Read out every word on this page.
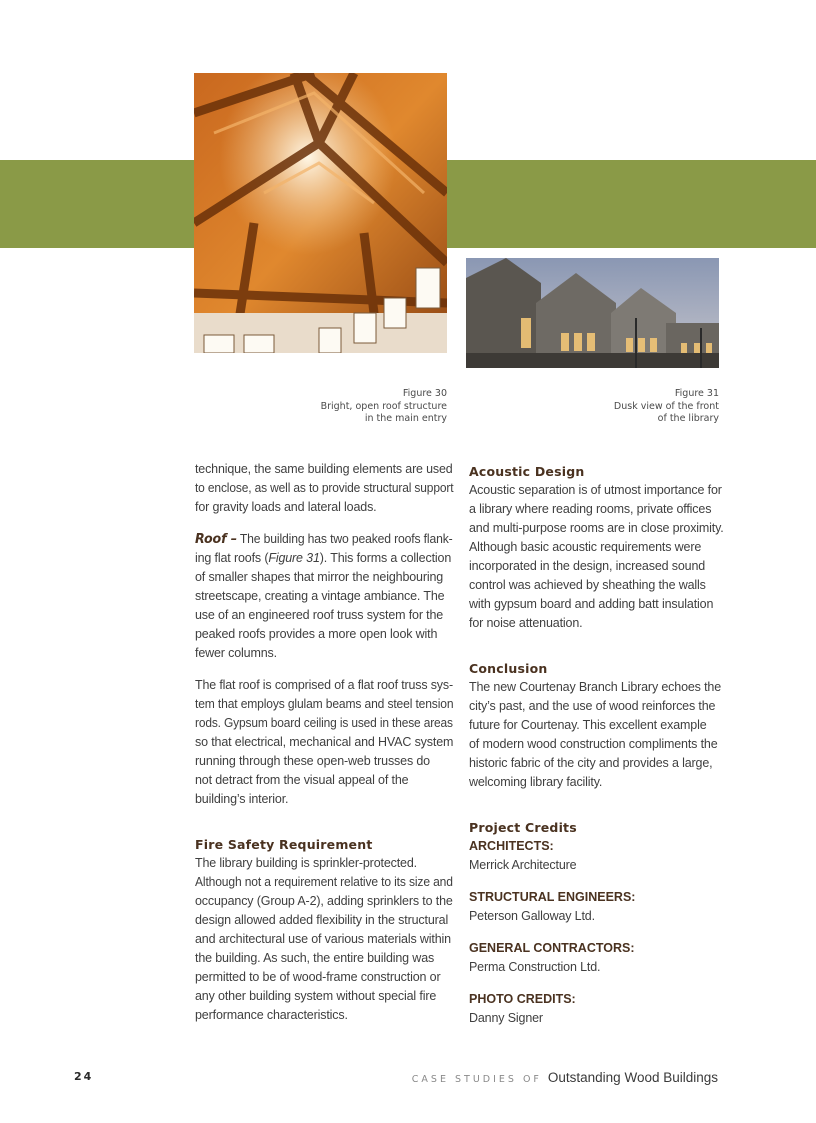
Figure 30
Bright, open roof structure
in the main entry
Figure 31
Dusk view of the front
of the library

technique, the same building elements are used
to enclose, as well as to provide structural support
for gravity loads and lateral loads.

Roof – The building has two peaked roofs flank-
ing flat roofs (Figure 31). This forms a collection
of smaller shapes that mirror the neighbouring
streetscape, creating a vintage ambiance. The
use of an engineered roof truss system for the
peaked roofs provides a more open look with
fewer columns.

The flat roof is comprised of a flat roof truss sys-
tem that employs glulam beams and steel tension
rods. Gypsum board ceiling is used in these areas
so that electrical, mechanical and HVAC system
running through these open-web trusses do
not detract from the visual appeal of the
building’s interior.

Fire Safety Requirement

The library building is sprinkler-protected.
Although not a requirement relative to its size and
occupancy (Group A-2), adding sprinklers to the
design allowed added flexibility in the structural
and architectural use of various materials within
the building. As such, the entire building was
permitted to be of wood-frame construction or
any other building system without special fire
performance characteristics.

Acoustic Design

Acoustic separation is of utmost importance for
a library where reading rooms, private offices
and multi-purpose rooms are in close proximity.
Although basic acoustic requirements were
incorporated in the design, increased sound
control was achieved by sheathing the walls
with gypsum board and adding batt insulation
for noise attenuation.

Conclusion

The new Courtenay Branch Library echoes the
city’s past, and the use of wood reinforces the
future for Courtenay. This excellent example
of modern wood construction compliments the
historic fabric of the city and provides a large,
welcoming library facility.

Project Credits
ARCHITECTS:

Merrick Architecture

STRUCTURAL ENGINEERS:

Peterson Galloway Ltd.

GENERAL CONTRACTORS:

Perma Construction Ltd.

PHOTO CREDITS:

Danny Signer

24	CASE STUDIES OF Outstanding Wood Buildings
